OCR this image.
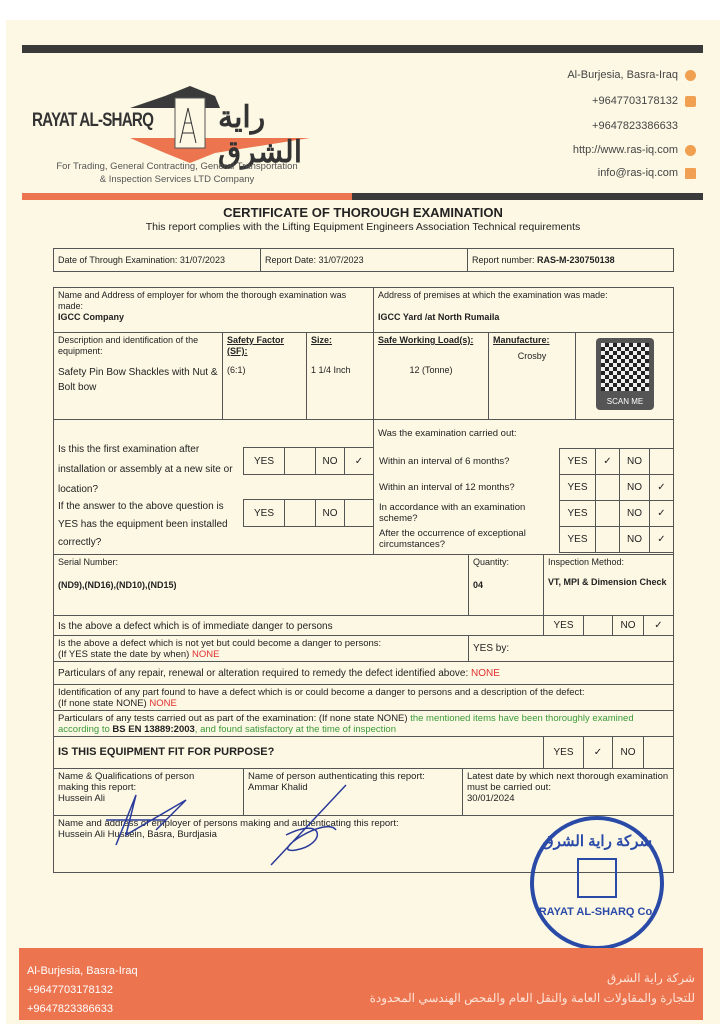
RAYAT AL-SHARQ راية الشرق
For Trading, General Contracting, General Transportation
& Inspection Services LTD Company
Al-Burjesia, Basra-Iraq
+9647703178132
+9647823386633
http://www.ras-iq.com
info@ras-iq.com
CERTIFICATE OF THOROUGH EXAMINATION
This report complies with the Lifting Equipment Engineers Association Technical requirements
Date of Through Examination: 31/07/2023	Report Date: 31/07/2023	Report number: RAS-M-230750138
Name and Address of employer for whom the thorough examination was made:
IGCC Company
Address of premises at which the examination was made:
IGCC Yard /at North Rumaila
Description and identification of the equipment:
Safety Pin Bow Shackles with Nut & Bolt bow
Safety Factor (SF):
(6:1)
Size:
1 1/4 Inch
Safe Working Load(s):
12 (Tonne)
Manufacture:
Crosby
SCAN ME
Is this the first examination after installation or assembly at a new site or location?
If the answer to the above question is YES has the equipment been installed correctly?
YES	NO	✓
YES	NO
Was the examination carried out:
Within an interval of 6 months?	YES	✓	NO
Within an interval of 12 months?	YES	NO	✓
In accordance with an examination scheme?	YES	NO	✓
After the occurrence of exceptional circumstances?	YES	NO	✓
Serial Number:
(ND9),(ND16),(ND10),(ND15)
Quantity:
04
Inspection Method:
VT, MPI & Dimension Check
Is the above a defect which is of immediate danger to persons	YES	NO	✓
Is the above a defect which is not yet but could become a danger to persons:
(If YES state the date by when) NONE
YES by:
Particulars of any repair, renewal or alteration required to remedy the defect identified above: NONE
Identification of any part found to have a defect which is or could become a danger to persons and a description of the defect:
(If none state NONE) NONE
Particulars of any tests carried out as part of the examination: (If none state NONE) the mentioned items have been thoroughly examined according to BS EN 13889:2003, and found satisfactory at the time of inspection
IS THIS EQUIPMENT FIT FOR PURPOSE?	YES	✓	NO
Name & Qualifications of person making this report:
Hussein Ali
Name of person authenticating this report:
Ammar Khalid
Latest date by which next thorough examination must be carried out:
30/01/2024
Name and address of employer of persons making and authenticating this report:
Hussein Ali Hussein, Basra, Burdjasia	شركة راية الشرق
RAYAT AL-SHARQ Co.
Al-Burjesia, Basra-Iraq
+9647703178132
+9647823386633
شركة راية الشرق
للتجارة والمقاولات العامة والنقل العام والفحص الهندسي المحدودة
